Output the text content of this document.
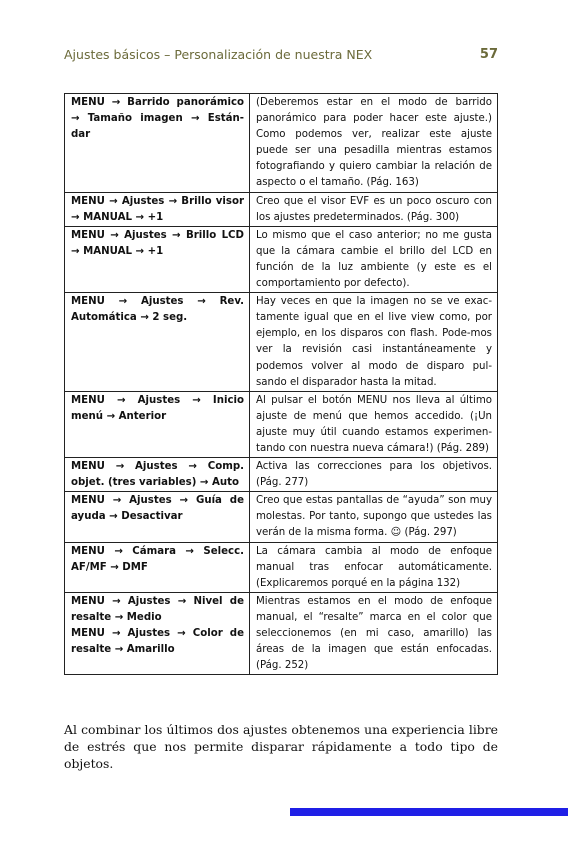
Ajustes básicos – Personalización de nuestra NEX	57
MENU → Barrido panorámico → Tamaño imagen → Están-dar	(Deberemos estar en el modo de barrido panorámico para poder hacer este ajuste.) Como podemos ver, realizar este ajuste puede ser una pesadilla mientras estamos fotografiando y quiero cambiar la relación de aspecto o el tamaño. (Pág. 163)

MENU → Ajustes → Brillo visor → MANUAL → +1	Creo que el visor EVF es un poco oscuro con los ajustes predeterminados. (Pág. 300)

MENU → Ajustes → Brillo LCD → MANUAL → +1	Lo mismo que el caso anterior; no me gusta que la cámara cambie el brillo del LCD en función de la luz ambiente (y este es el comportamiento por defecto).

MENU → Ajustes → Rev. Automática → 2 seg.	Hay veces en que la imagen no se ve exac-tamente igual que en el live view como, por ejemplo, en los disparos con flash. Pode-mos ver la revisión casi instantáneamente y podemos volver al modo de disparo pul-sando el disparador hasta la mitad.

MENU → Ajustes → Inicio menú → Anterior	Al pulsar el botón MENU nos lleva al último ajuste de menú que hemos accedido. (¡Un ajuste muy útil cuando estamos experimen-tando con nuestra nueva cámara!) (Pág. 289)

MENU → Ajustes → Comp. objet. (tres variables) → Auto	Activa las correcciones para los objetivos. (Pág. 277)

MENU → Ajustes → Guía de ayuda → Desactivar	Creo que estas pantallas de “ayuda” son muy molestas. Por tanto, supongo que ustedes las verán de la misma forma. ☺ (Pág. 297)

MENU → Cámara → Selecc. AF/MF → DMF	La cámara cambia al modo de enfoque manual tras enfocar automáticamente. (Explicaremos porqué en la página 132)

MENU → Ajustes → Nivel de resalte → Medio
MENU → Ajustes → Color de resalte → Amarillo	Mientras estamos en el modo de enfoque manual, el “resalte” marca en el color que seleccionemos (en mi caso, amarillo) las áreas de la imagen que están enfocadas. (Pág. 252)
Al combinar los últimos dos ajustes obtenemos una experiencia libre de estrés que nos permite disparar rápidamente a todo tipo de objetos.
